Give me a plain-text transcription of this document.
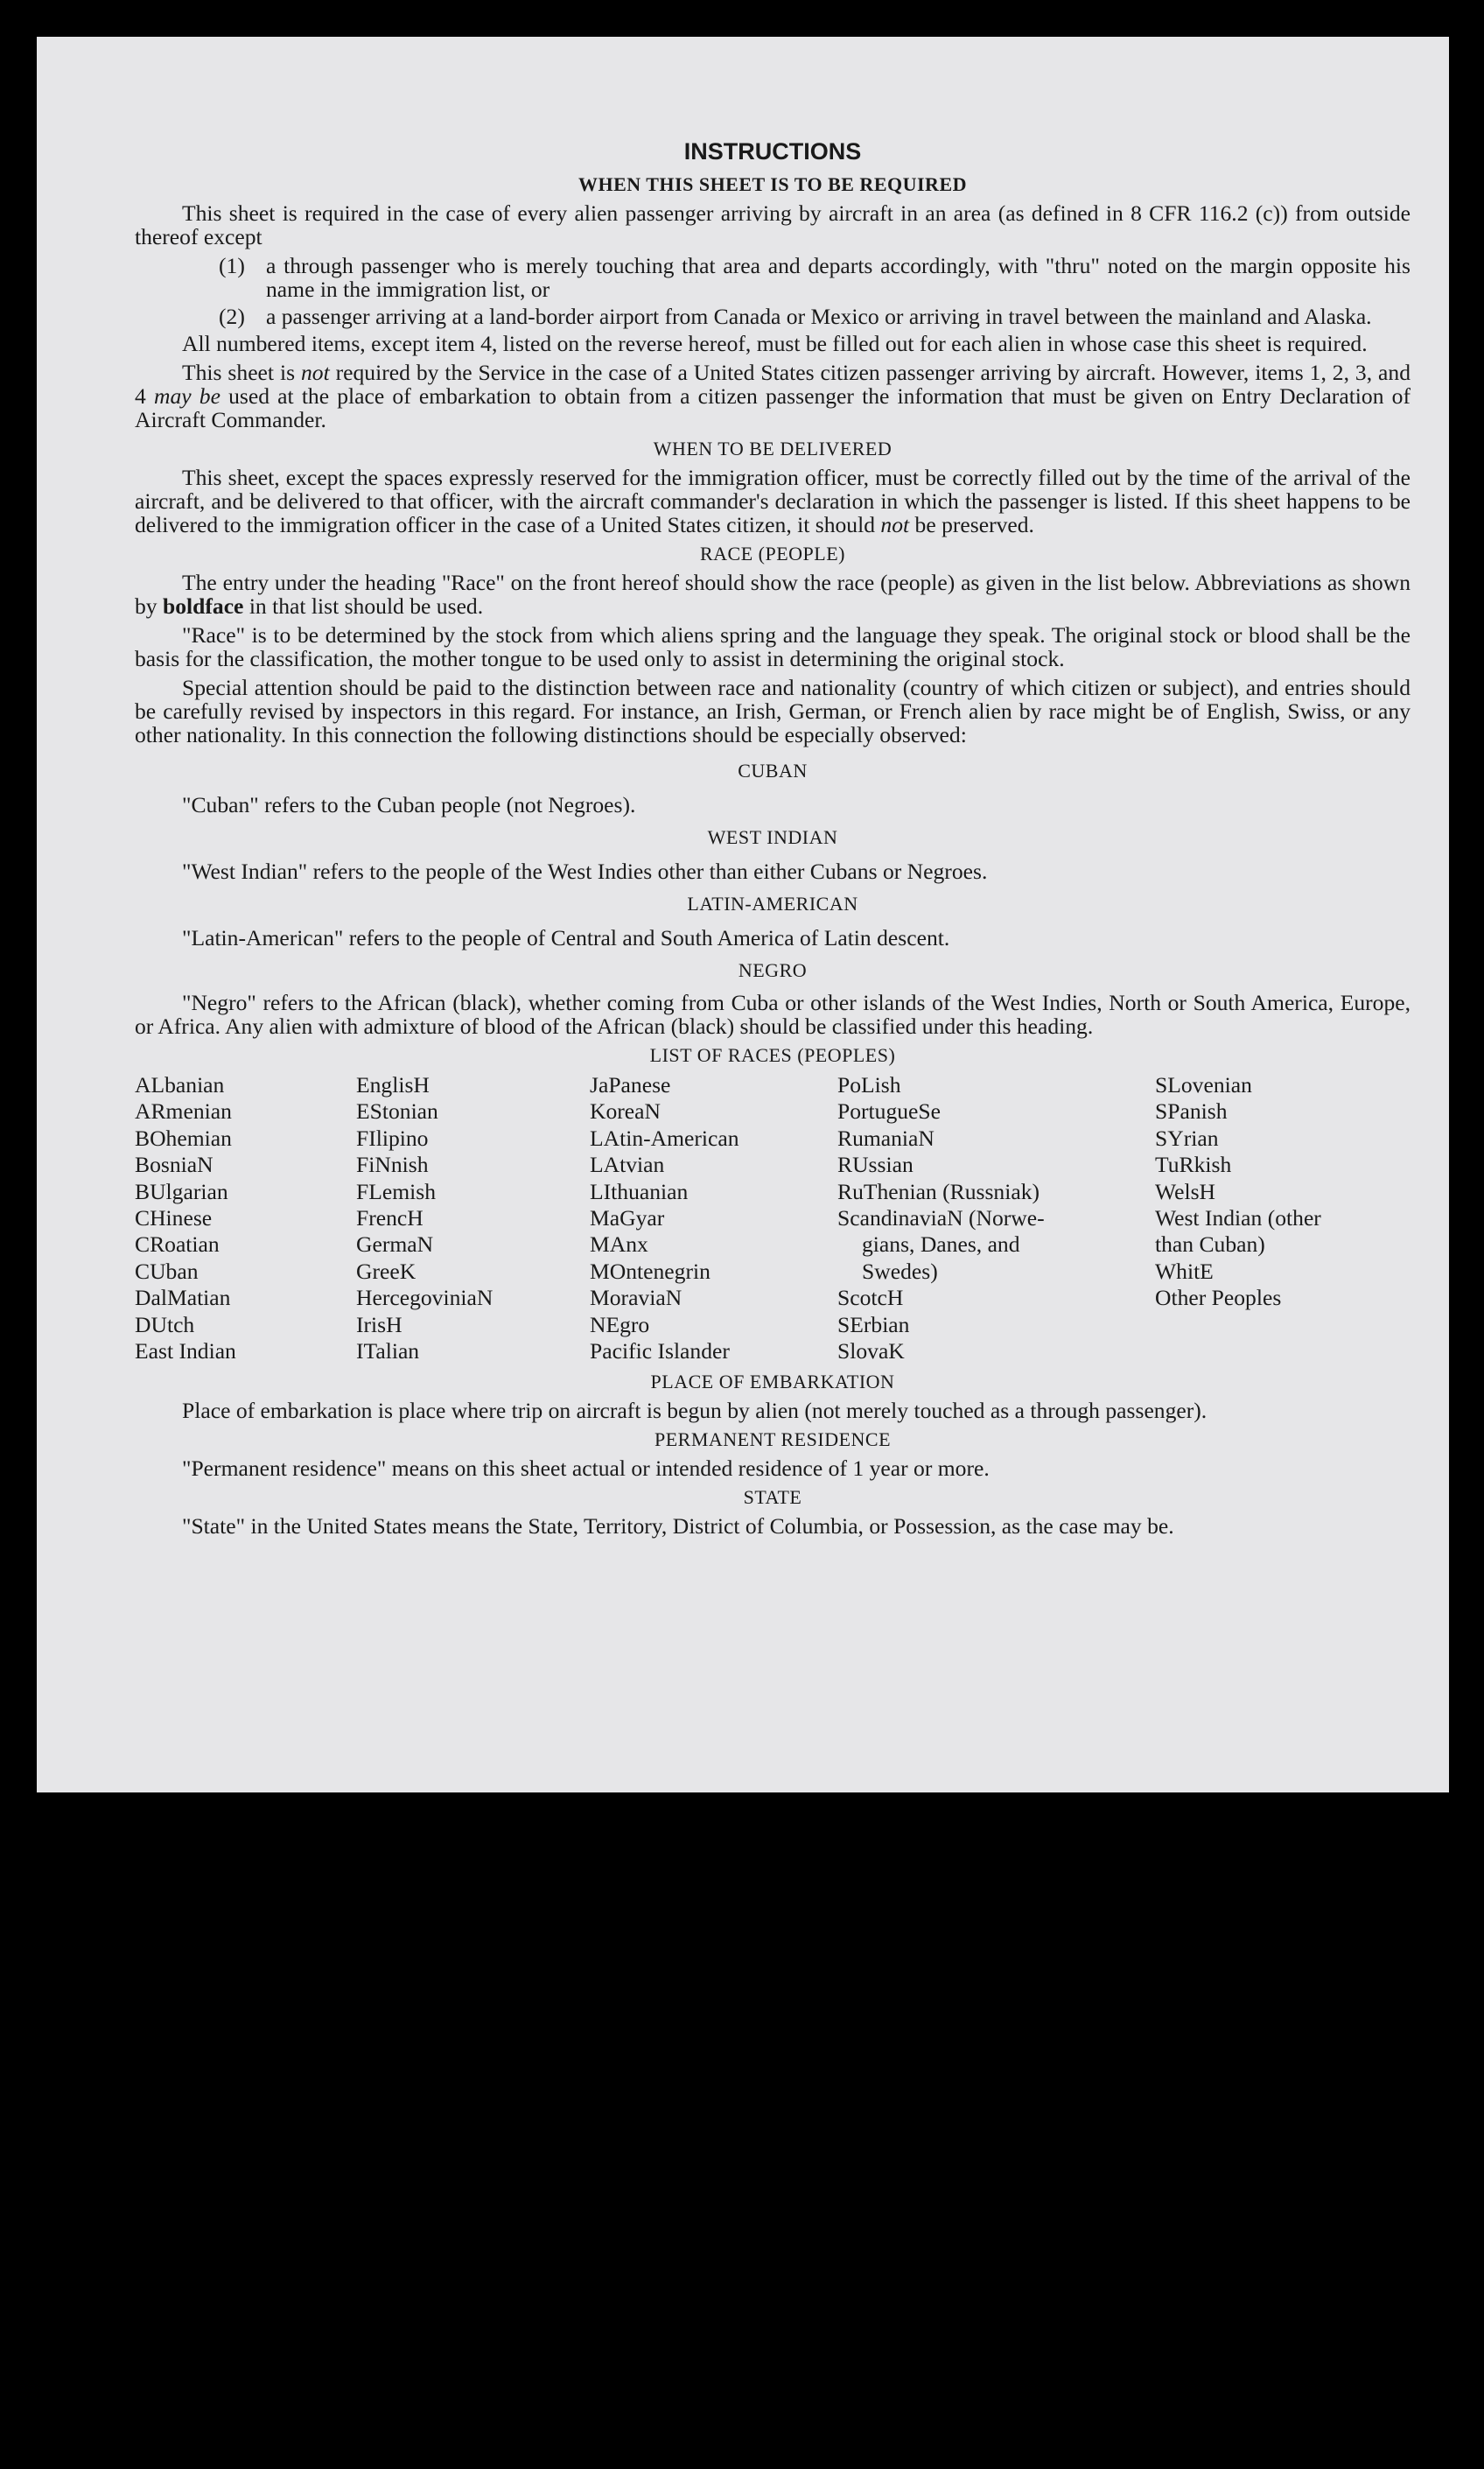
INSTRUCTIONS
WHEN THIS SHEET IS TO BE REQUIRED

This sheet is required in the case of every alien passenger arriving by aircraft in an area (as defined in 8 CFR 116.2 (c)) from outside thereof except

(1) a through passenger who is merely touching that area and departs accordingly, with "thru" noted on the margin opposite his name in the immigration list, or
(2) a passenger arriving at a land-border airport from Canada or Mexico or arriving in travel between the mainland and Alaska.

All numbered items, except item 4, listed on the reverse hereof, must be filled out for each alien in whose case this sheet is required.

This sheet is not required by the Service in the case of a United States citizen passenger arriving by aircraft. However, items 1, 2, 3, and 4 may be used at the place of embarkation to obtain from a citizen passenger the information that must be given on Entry Declaration of Aircraft Commander.

WHEN TO BE DELIVERED

This sheet, except the spaces expressly reserved for the immigration officer, must be correctly filled out by the time of the arrival of the aircraft, and be delivered to that officer, with the aircraft commander's declaration in which the passenger is listed. If this sheet happens to be delivered to the immigration officer in the case of a United States citizen, it should not be preserved.

RACE (PEOPLE)

The entry under the heading "Race" on the front hereof should show the race (people) as given in the list below. Abbreviations as shown by boldface in that list should be used.

"Race" is to be determined by the stock from which aliens spring and the language they speak. The original stock or blood shall be the basis for the classification, the mother tongue to be used only to assist in determining the original stock.

Special attention should be paid to the distinction between race and nationality (country of which citizen or subject), and entries should be carefully revised by inspectors in this regard. For instance, an Irish, German, or French alien by race might be of English, Swiss, or any other nationality. In this connection the following distinctions should be especially observed:

CUBAN

"Cuban" refers to the Cuban people (not Negroes).

WEST INDIAN

"West Indian" refers to the people of the West Indies other than either Cubans or Negroes.

LATIN-AMERICAN

"Latin-American" refers to the people of Central and South America of Latin descent.

NEGRO

"Negro" refers to the African (black), whether coming from Cuba or other islands of the West Indies, North or South America, Europe, or Africa. Any alien with admixture of blood of the African (black) should be classified under this heading.

LIST OF RACES (PEOPLES)
ALbanian
ARmenian
BOhemian
BosniaN
BUlgarian
CHinese
CRoatian
CUban
DalMatian
DUtch
East Indian
EnglisH
EStonian
FIlipino
FiNnish
FLemish
FrencH
GermaN
GreeK
HercegoviniaN
IrisH
ITalian
JaPanese
KoreaN
LAtin-American
LAtvian
LIthuanian
MaGyar
MAnx
MOntenegrin
MoraviaN
NEgro
Pacific Islander
PoLish
PortugueSe
RumaniaN
RUssian
RuThenian (Russniak)
ScandinaviaN (Norwe-
gians, Danes, and
Swedes)
ScotcH
SErbian
SlovaK
SLovenian
SPanish
SYrian
TuRkish
WelsH
West Indian (other
than Cuban)
WhitE
Other Peoples
PLACE OF EMBARKATION

Place of embarkation is place where trip on aircraft is begun by alien (not merely touched as a through passenger).

PERMANENT RESIDENCE

"Permanent residence" means on this sheet actual or intended residence of 1 year or more.

STATE

"State" in the United States means the State, Territory, District of Columbia, or Possession, as the case may be.
